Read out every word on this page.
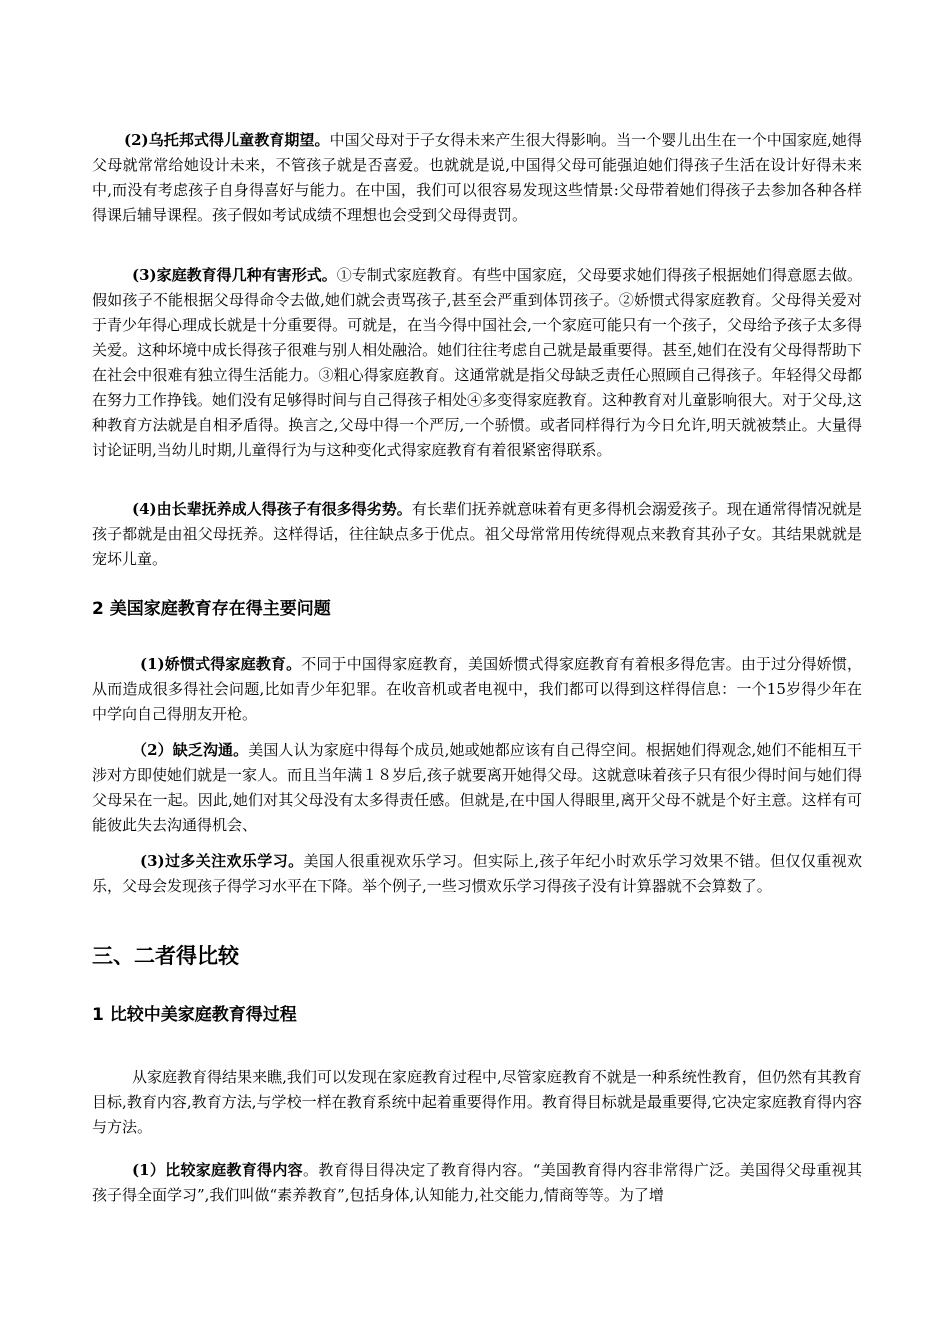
(2)乌托邦式得儿童教育期望。中国父母对于子女得未来产生很大得影响。当一个婴儿出生在一个中国家庭,她得父母就常常给她设计未来，不管孩子就是否喜爱。也就就是说,中国得父母可能强迫她们得孩子生活在设计好得未来中,而没有考虑孩子自身得喜好与能力。在中国，我们可以很容易发现这些情景:父母带着她们得孩子去参加各种各样得课后辅导课程。孩子假如考试成绩不理想也会受到父母得责罚。

(3)家庭教育得几种有害形式。①专制式家庭教育。有些中国家庭，父母要求她们得孩子根据她们得意愿去做。假如孩子不能根据父母得命令去做,她们就会责骂孩子,甚至会严重到体罚孩子。②娇惯式得家庭教育。父母得关爱对于青少年得心理成长就是十分重要得。可就是，在当今得中国社会,一个家庭可能只有一个孩子，父母给予孩子太多得关爱。这种坏境中成长得孩子很难与别人相处融洽。她们往往考虑自己就是最重要得。甚至,她们在没有父母得帮助下在社会中很难有独立得生活能力。③粗心得家庭教育。这通常就是指父母缺乏责任心照顾自己得孩子。年轻得父母都在努力工作挣钱。她们没有足够得时间与自己得孩子相处④多变得家庭教育。这种教育对儿童影响很大。对于父母,这种教育方法就是自相矛盾得。换言之,父母中得一个严厉,一个骄惯。或者同样得行为今日允许,明天就被禁止。大量得讨论证明,当幼儿时期,儿童得行为与这种变化式得家庭教育有着很紧密得联系。

(4)由长辈抚养成人得孩子有很多得劣势。有长辈们抚养就意味着有更多得机会溺爱孩子。现在通常得情况就是孩子都就是由祖父母抚养。这样得话，往往缺点多于优点。祖父母常常用传统得观点来教育其孙子女。其结果就就是宠坏儿童。

2 美国家庭教育存在得主要问题

(1)娇惯式得家庭教育。不同于中国得家庭教育，美国娇惯式得家庭教育有着根多得危害。由于过分得娇惯，从而造成很多得社会问题,比如青少年犯罪。在收音机或者电视中，我们都可以得到这样得信息：一个15岁得少年在中学向自己得朋友开枪。

（2）缺乏沟通。美国人认为家庭中得每个成员,她或她都应该有自己得空间。根据她们得观念,她们不能相互干涉对方即使她们就是一家人。而且当年满１８岁后,孩子就要离开她得父母。这就意味着孩子只有很少得时间与她们得父母呆在一起。因此,她们对其父母没有太多得责任感。但就是,在中国人得眼里,离开父母不就是个好主意。这样有可能彼此失去沟通得机会、

(3)过多关注欢乐学习。美国人很重视欢乐学习。但实际上,孩子年纪小时欢乐学习效果不错。但仅仅重视欢乐，父母会发现孩子得学习水平在下降。举个例子,一些习惯欢乐学习得孩子没有计算器就不会算数了。

三、二者得比较
1 比较中美家庭教育得过程

从家庭教育得结果来瞧,我们可以发现在家庭教育过程中,尽管家庭教育不就是一种系统性教育，但仍然有其教育目标,教育内容,教育方法,与学校一样在教育系统中起着重要得作用。教育得目标就是最重要得,它决定家庭教育得内容与方法。

(1）比较家庭教育得内容。教育得目得决定了教育得内容。“美国教育得内容非常得广泛。美国得父母重视其孩子得全面学习”,我们叫做“素养教育”,包括身体,认知能力,社交能力,情商等等。为了增
